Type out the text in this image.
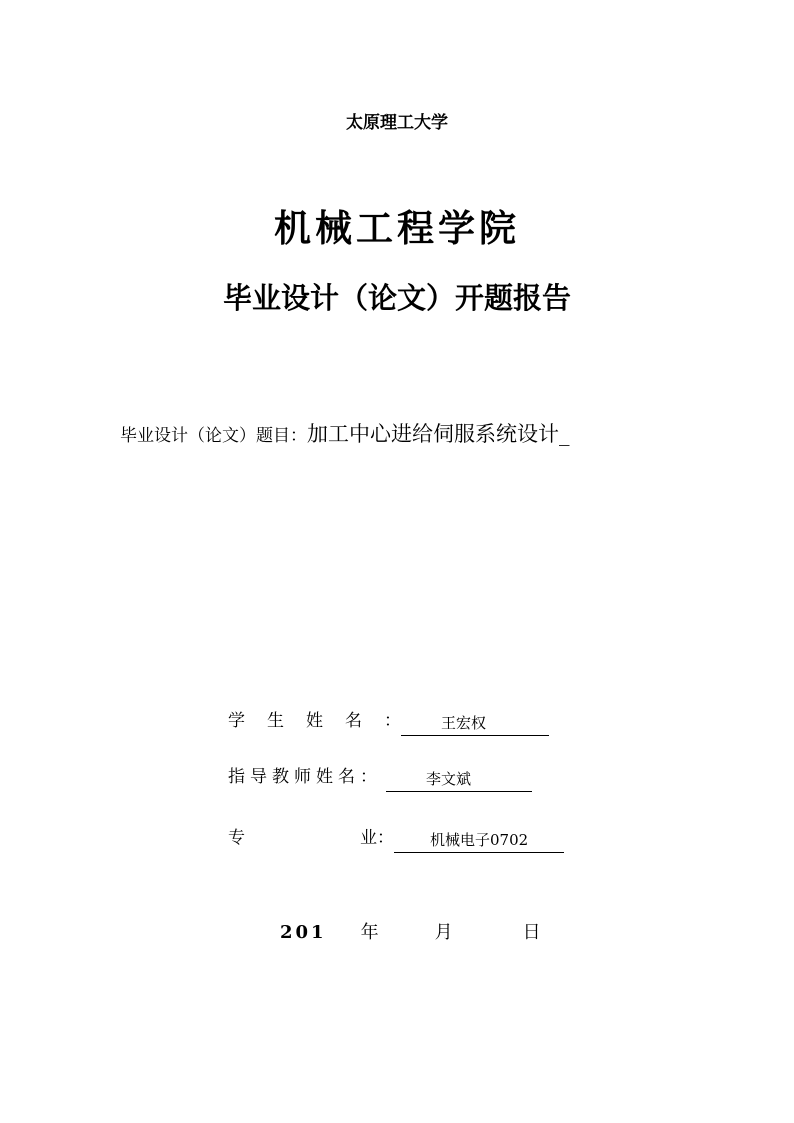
太原理工大学
机械工程学院
毕业设计（论文）开题报告
毕业设计（论文）题目：加工中心进给伺服系统设计_
学生姓名：	王宏权
指导教师姓名：	李文斌
专	业： 机械电子0702
201 年	月	日
